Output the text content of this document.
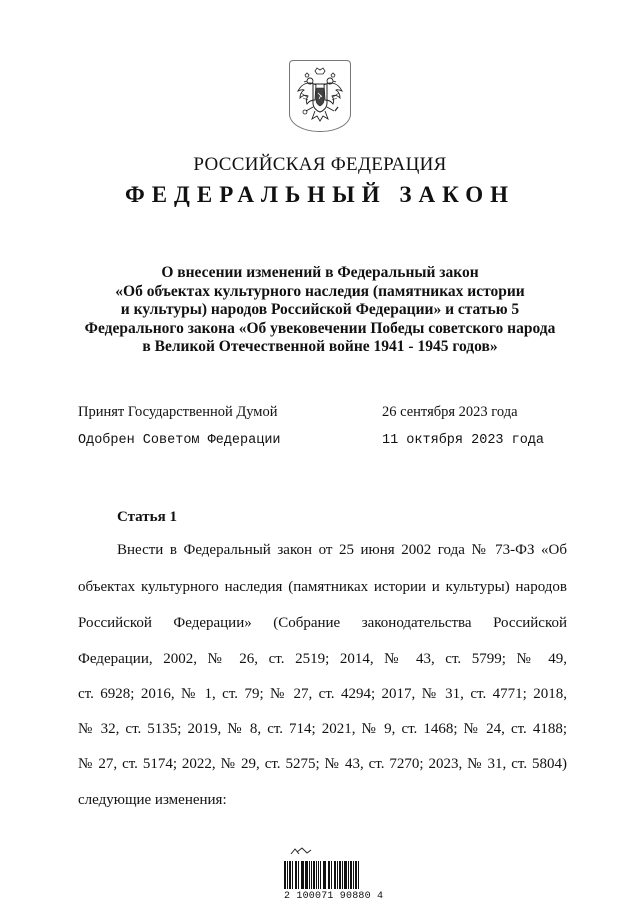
РОССИЙСКАЯ ФЕДЕРАЦИЯ
ФЕДЕРАЛЬНЫЙ ЗАКОН
О внесении изменений в Федеральный закон
«Об объектах культурного наследия (памятниках истории
и культуры) народов Российской Федерации» и статью 5
Федерального закона «Об увековечении Победы советского народа
в Великой Отечественной войне 1941 - 1945 годов»
Принят Государственной Думой	26 сентября 2023 года
Одобрен Советом Федерации	11 октября 2023 года
Статья 1
Внести в Федеральный закон от 25 июня 2002 года № 73-ФЗ «Об
объектах культурного наследия (памятниках истории и культуры) народов
Российской Федерации» (Собрание законодательства Российской
Федерации, 2002, № 26, ст. 2519; 2014, № 43, ст. 5799; № 49,
ст. 6928; 2016, № 1, ст. 79; № 27, ст. 4294; 2017, № 31, ст. 4771; 2018,
№ 32, ст. 5135; 2019, № 8, ст. 714; 2021, № 9, ст. 1468; № 24, ст. 4188;
№ 27, ст. 5174; 2022, № 29, ст. 5275; № 43, ст. 7270; 2023, № 31, ст. 5804)
следующие изменения:
2 100071 90880 4
